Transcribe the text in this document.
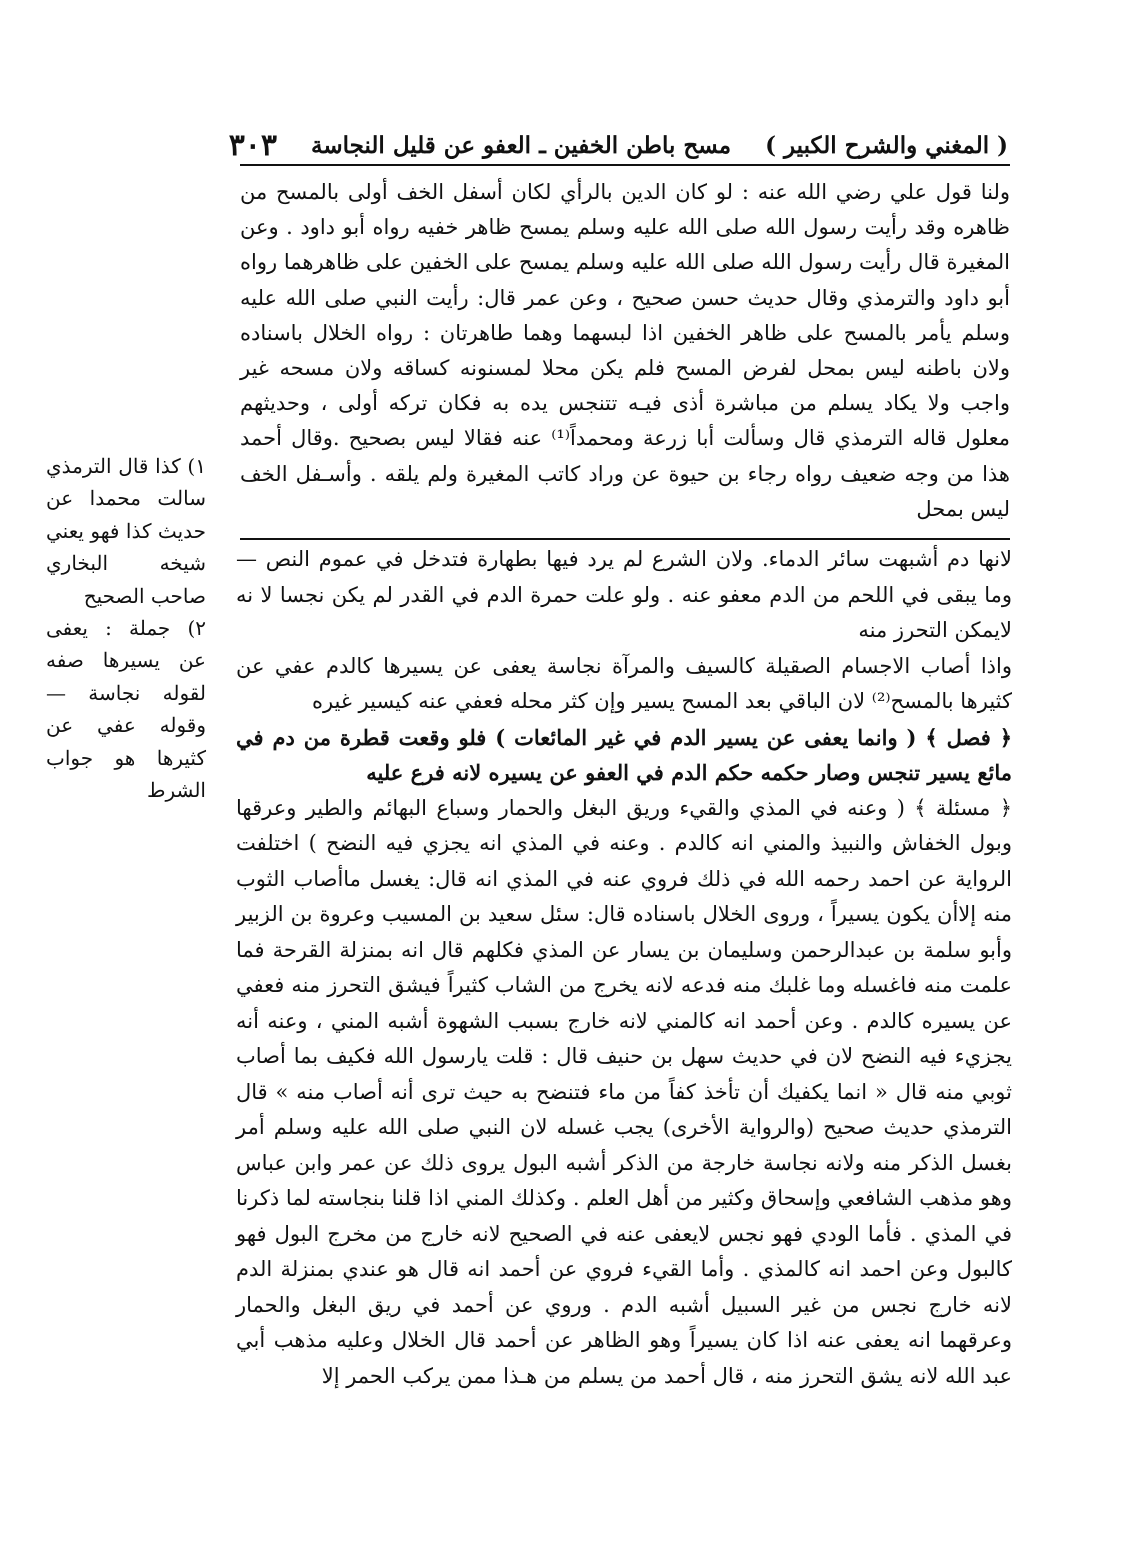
( المغني والشرح الكبير )
مسح باطن الخفين ـ العفو عن قليل النجاسة
٣٠٣
ولنا قول علي رضي الله عنه : لو كان الدين بالرأي لكان أسفل الخف أولى بالمسح من ظاهره وقد رأيت رسول الله صلى الله عليه وسلم يمسح ظاهر خفيه رواه أبو داود . وعن المغيرة قال رأيت رسول الله صلى الله عليه وسلم يمسح على الخفين على ظاهرهما رواه أبو داود والترمذي وقال حديث حسن صحيح ، وعن عمر قال: رأيت النبي صلى الله عليه وسلم يأمر بالمسح على ظاهر الخفين اذا لبسهما وهما طاهرتان : رواه الخلال باسناده ولان باطنه ليس بمحل لفرض المسح فلم يكن محلا لمسنونه كساقه ولان مسحه غير واجب ولا يكاد يسلم من مباشرة أذى فيـه تتنجس يده به فكان تركه أولى ، وحديثهم معلول قاله الترمذي قال وسألت أبا زرعة ومحمداً⁽¹⁾ عنه فقالا ليس بصحيح .وقال أحمد هذا من وجه ضعيف رواه رجاء بن حيوة عن وراد كاتب المغيرة ولم يلقه . وأسـفل الخف ليس بمحل

لانها دم أشبهت سائر الدماء. ولان الشرع لم يرد فيها بطهارة فتدخل في عموم النص — وما يبقى في اللحم من الدم معفو عنه . ولو علت حمرة الدم في القدر لم يكن نجسا لا نه لايمكن التحرز منه

واذا أصاب الاجسام الصقيلة كالسيف والمرآة نجاسة يعفى عن يسيرها كالدم عفي عن كثيرها بالمسح⁽²⁾ لان الباقي بعد المسح يسير وإن كثر محله فعفي عنه كيسير غيره

﴿ فصل ﴾ ( وانما يعفى عن يسير الدم في غير المائعات ) فلو وقعت قطرة من دم في مائع يسير تنجس وصار حكمه حكم الدم في العفو عن يسيره لانه فرع عليه

﴿ مسئلة ﴾ ( وعنه في المذي والقيء وريق البغل والحمار وسباع البهائم والطير وعرقها وبول الخفاش والنبيذ والمني انه كالدم . وعنه في المذي انه يجزي فيه النضح ) اختلفت الرواية عن احمد رحمه الله في ذلك فروي عنه في المذي انه قال: يغسل ماأصاب الثوب منه إلاأن يكون يسيراً ، وروى الخلال باسناده قال: سئل سعيد بن المسيب وعروة بن الزبير وأبو سلمة بن عبدالرحمن وسليمان بن يسار عن المذي فكلهم قال انه بمنزلة القرحة فما علمت منه فاغسله وما غلبك منه فدعه لانه يخرج من الشاب كثيراً فيشق التحرز منه فعفي عن يسيره كالدم . وعن أحمد انه كالمني لانه خارج بسبب الشهوة أشبه المني ، وعنه أنه يجزيء فيه النضح لان في حديث سهل بن حنيف قال : قلت يارسول الله فكيف بما أصاب ثوبي منه قال « انما يكفيك أن تأخذ كفاً من ماء فتنضح به حيث ترى أنه أصاب منه » قال الترمذي حديث صحيح (والرواية الأخرى) يجب غسله لان النبي صلى الله عليه وسلم أمر بغسل الذكر منه ولانه نجاسة خارجة من الذكر أشبه البول يروى ذلك عن عمر وابن عباس وهو مذهب الشافعي وإسحاق وكثير من أهل العلم . وكذلك المني اذا قلنا بنجاسته لما ذكرنا في المذي . فأما الودي فهو نجس لايعفى عنه في الصحيح لانه خارج من مخرج البول فهو كالبول وعن احمد انه كالمذي . وأما القيء فروي عن أحمد انه قال هو عندي بمنزلة الدم لانه خارج نجس من غير السبيل أشبه الدم . وروي عن أحمد في ريق البغل والحمار وعرقهما انه يعفى عنه اذا كان يسيراً وهو الظاهر عن أحمد قال الخلال وعليه مذهب أبي عبد الله لانه يشق التحرز منه ، قال أحمد من يسلم من هـذا ممن يركب الحمر إلا

١) كذا قال الترمذي سالت محمدا عن حديث كذا فهو يعني شيخه البخاري صاحب الصحيح

٢) جملة : يعفى عن يسيرها صفه لقوله نجاسة —وقوله عفي عن كثيرها هو جواب الشرط
